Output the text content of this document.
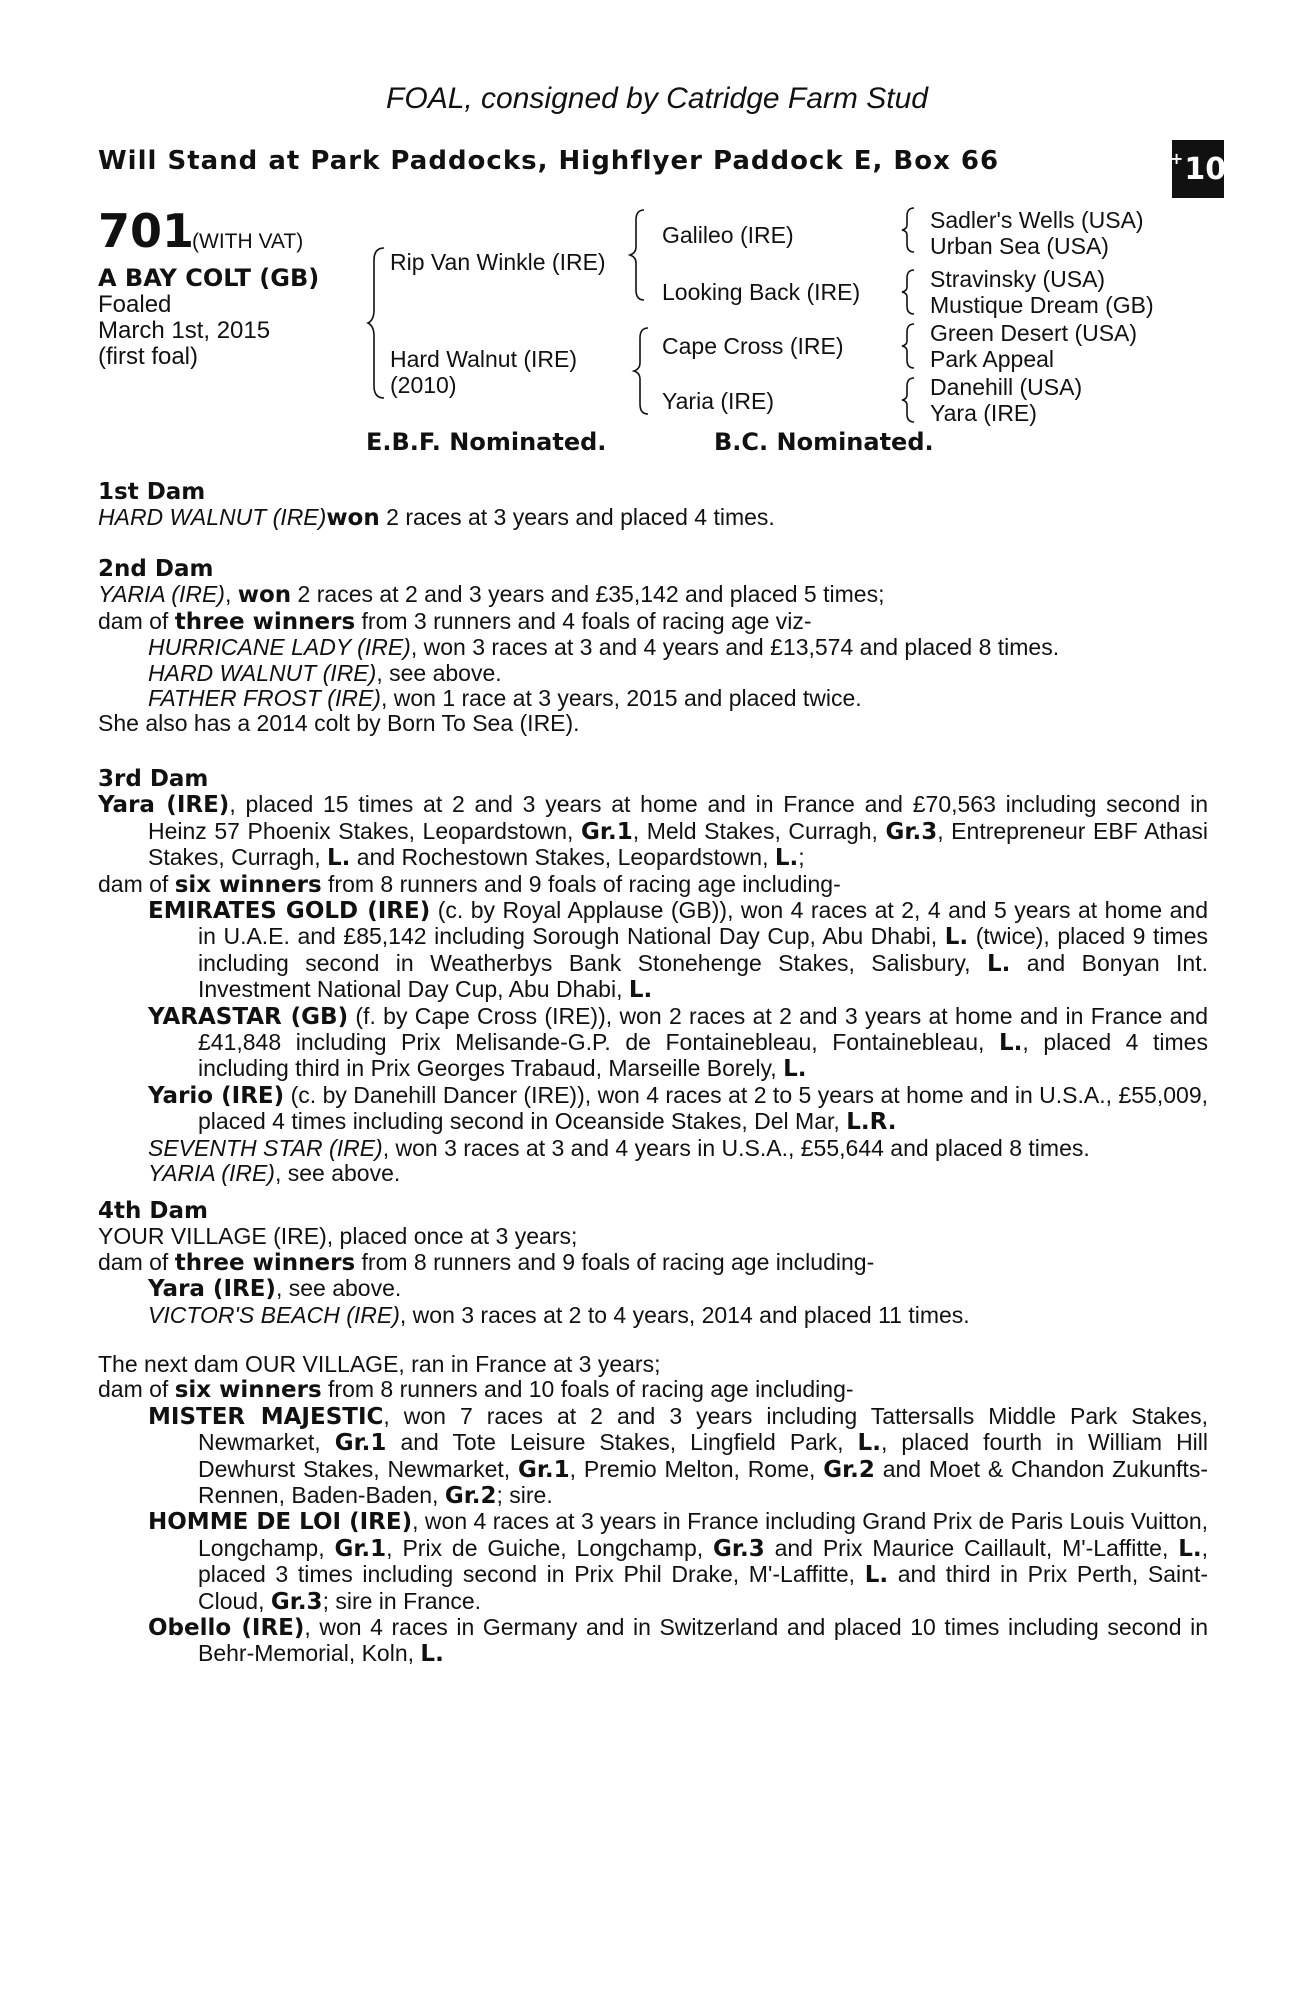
FOAL, consigned by Catridge Farm Stud
Will Stand at Park Paddocks, Highflyer Paddock E, Box 66	+ 10
701
(WITH VAT)
A BAY COLT (GB)
Foaled
March 1st, 2015
(first foal)
Rip Van Winkle (IRE)
Hard Walnut (IRE)
(2010)
Galileo (IRE)
Looking Back (IRE)
Cape Cross (IRE)
Yaria (IRE)
Sadler's Wells (USA)
Urban Sea (USA)
Stravinsky (USA)
Mustique Dream (GB)
Green Desert (USA)
Park Appeal
Danehill (USA)
Yara (IRE)
E.B.F. Nominated.	B.C. Nominated.

1st Dam

HARD WALNUT (IRE)won 2 races at 3 years and placed 4 times.

2nd Dam

YARIA (IRE), won 2 races at 2 and 3 years and £35,142 and placed 5 times;

dam of three winners from 3 runners and 4 foals of racing age viz-

HURRICANE LADY (IRE), won 3 races at 3 and 4 years and £13,574 and placed 8 times.

HARD WALNUT (IRE), see above.

FATHER FROST (IRE), won 1 race at 3 years, 2015 and placed twice.

She also has a 2014 colt by Born To Sea (IRE).

3rd Dam

Yara (IRE), placed 15 times at 2 and 3 years at home and in France and £70,563 including second in Heinz 57 Phoenix Stakes, Leopardstown, Gr.1, Meld Stakes, Curragh, Gr.3, Entrepreneur EBF Athasi Stakes, Curragh, L. and Rochestown Stakes, Leopardstown, L.;

dam of six winners from 8 runners and 9 foals of racing age including-

EMIRATES GOLD (IRE) (c. by Royal Applause (GB)), won 4 races at 2, 4 and 5 years at home and in U.A.E. and £85,142 including Sorough National Day Cup, Abu Dhabi, L. (twice), placed 9 times including second in Weatherbys Bank Stonehenge Stakes, Salisbury, L. and Bonyan Int. Investment National Day Cup, Abu Dhabi, L.

YARASTAR (GB) (f. by Cape Cross (IRE)), won 2 races at 2 and 3 years at home and in France and £41,848 including Prix Melisande-G.P. de Fontainebleau, Fontainebleau, L., placed 4 times including third in Prix Georges Trabaud, Marseille Borely, L.

Yario (IRE) (c. by Danehill Dancer (IRE)), won 4 races at 2 to 5 years at home and in U.S.A., £55,009, placed 4 times including second in Oceanside Stakes, Del Mar, L.R.

SEVENTH STAR (IRE), won 3 races at 3 and 4 years in U.S.A., £55,644 and placed 8 times.

YARIA (IRE), see above.

4th Dam

YOUR VILLAGE (IRE), placed once at 3 years;

dam of three winners from 8 runners and 9 foals of racing age including-

Yara (IRE), see above.

VICTOR'S BEACH (IRE), won 3 races at 2 to 4 years, 2014 and placed 11 times.

The next dam OUR VILLAGE, ran in France at 3 years;

dam of six winners from 8 runners and 10 foals of racing age including-

MISTER MAJESTIC, won 7 races at 2 and 3 years including Tattersalls Middle Park Stakes, Newmarket, Gr.1 and Tote Leisure Stakes, Lingfield Park, L., placed fourth in William Hill Dewhurst Stakes, Newmarket, Gr.1, Premio Melton, Rome, Gr.2 and Moet & Chandon Zukunfts-Rennen, Baden-Baden, Gr.2; sire.

HOMME DE LOI (IRE), won 4 races at 3 years in France including Grand Prix de Paris Louis Vuitton, Longchamp, Gr.1, Prix de Guiche, Longchamp, Gr.3 and Prix Maurice Caillault, M'-Laffitte, L., placed 3 times including second in Prix Phil Drake, M'-Laffitte, L. and third in Prix Perth, Saint-Cloud, Gr.3; sire in France.

Obello (IRE), won 4 races in Germany and in Switzerland and placed 10 times including second in Behr-Memorial, Koln, L.
